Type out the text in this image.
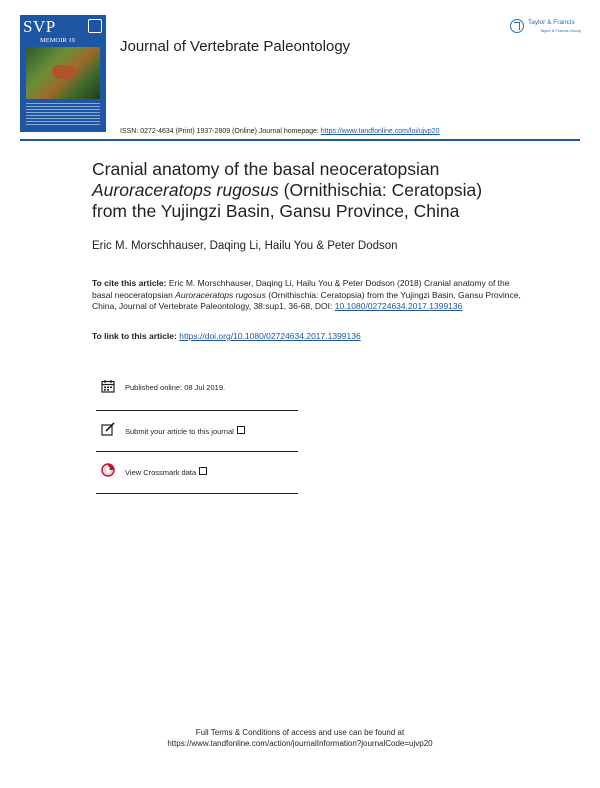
SVP
MEMOIR 19	Journal of Vertebrate Paleontology
Taylor & Francis
Taylor & Francis Group
ISSN: 0272-4634 (Print) 1937-2809 (Online) Journal homepage: https://www.tandfonline.com/loi/ujvp20
Cranial anatomy of the basal neoceratopsian
Auroraceratops rugosus (Ornithischia: Ceratopsia)
from the Yujingzi Basin, Gansu Province, China
Eric M. Morschhauser, Daqing Li, Hailu You & Peter Dodson
To cite this article: Eric M. Morschhauser, Daqing Li, Hailu You & Peter Dodson (2018) Cranial anatomy of the basal neoceratopsian Auroraceratops rugosus (Ornithischia: Ceratopsia) from the Yujingzi Basin, Gansu Province, China, Journal of Vertebrate Paleontology, 38:sup1, 36-68, DOI: 10.1080/02724634.2017.1399136
To link to this article: https://doi.org/10.1080/02724634.2017.1399136
Published online: 08 Jul 2019.
Submit your article to this journal
View Crossmark data
Full Terms & Conditions of access and use can be found at
https://www.tandfonline.com/action/journalInformation?journalCode=ujvp20
